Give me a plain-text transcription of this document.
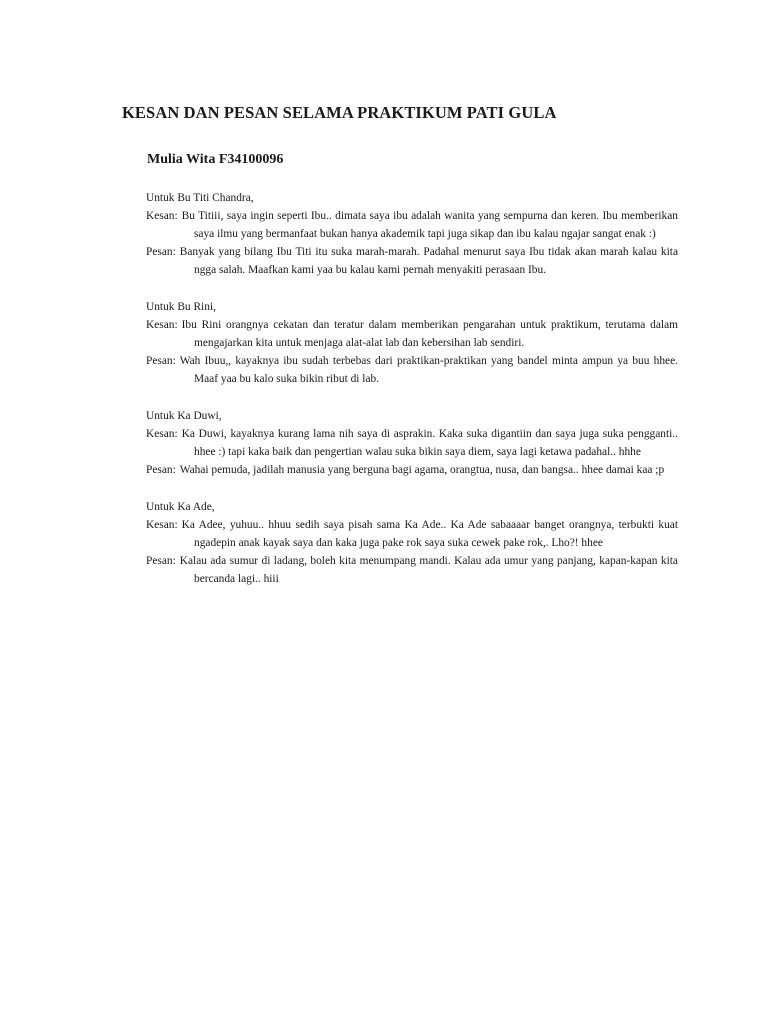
KESAN DAN PESAN SELAMA PRAKTIKUM PATI GULA
Mulia Wita F34100096

Untuk Bu Titi Chandra,

Kesan: Bu Titiii, saya ingin seperti Ibu.. dimata saya ibu adalah wanita yang sempurna dan keren. Ibu memberikan saya ilmu yang bermanfaat bukan hanya akademik tapi juga sikap dan ibu kalau ngajar sangat enak :)

Pesan: Banyak yang bilang Ibu Titi itu suka marah-marah. Padahal menurut saya Ibu tidak akan marah kalau kita ngga salah. Maafkan kami yaa bu kalau kami pernah menyakiti perasaan Ibu.

Untuk Bu Rini,

Kesan: Ibu Rini orangnya cekatan dan teratur dalam memberikan pengarahan untuk praktikum, terutama dalam mengajarkan kita untuk menjaga alat-alat lab dan kebersihan lab sendiri.

Pesan: Wah Ibuu,, kayaknya ibu sudah terbebas dari praktikan-praktikan yang bandel minta ampun ya buu hhee. Maaf yaa bu kalo suka bikin ribut di lab.

Untuk Ka Duwi,

Kesan: Ka Duwi, kayaknya kurang lama nih saya di asprakin. Kaka suka digantiin dan saya juga suka pengganti.. hhee :) tapi kaka baik dan pengertian walau suka bikin saya diem, saya lagi ketawa padahal.. hhhe

Pesan: Wahai pemuda, jadilah manusia yang berguna bagi agama, orangtua, nusa, dan bangsa.. hhee damai kaa ;p

Untuk Ka Ade,

Kesan: Ka Adee, yuhuu.. hhuu sedih saya pisah sama Ka Ade.. Ka Ade sabaaaar banget orangnya, terbukti kuat ngadepin anak kayak saya dan kaka juga pake rok saya suka cewek pake rok,. Lho?! hhee

Pesan: Kalau ada sumur di ladang, boleh kita menumpang mandi. Kalau ada umur yang panjang, kapan-kapan kita bercanda lagi.. hiii
